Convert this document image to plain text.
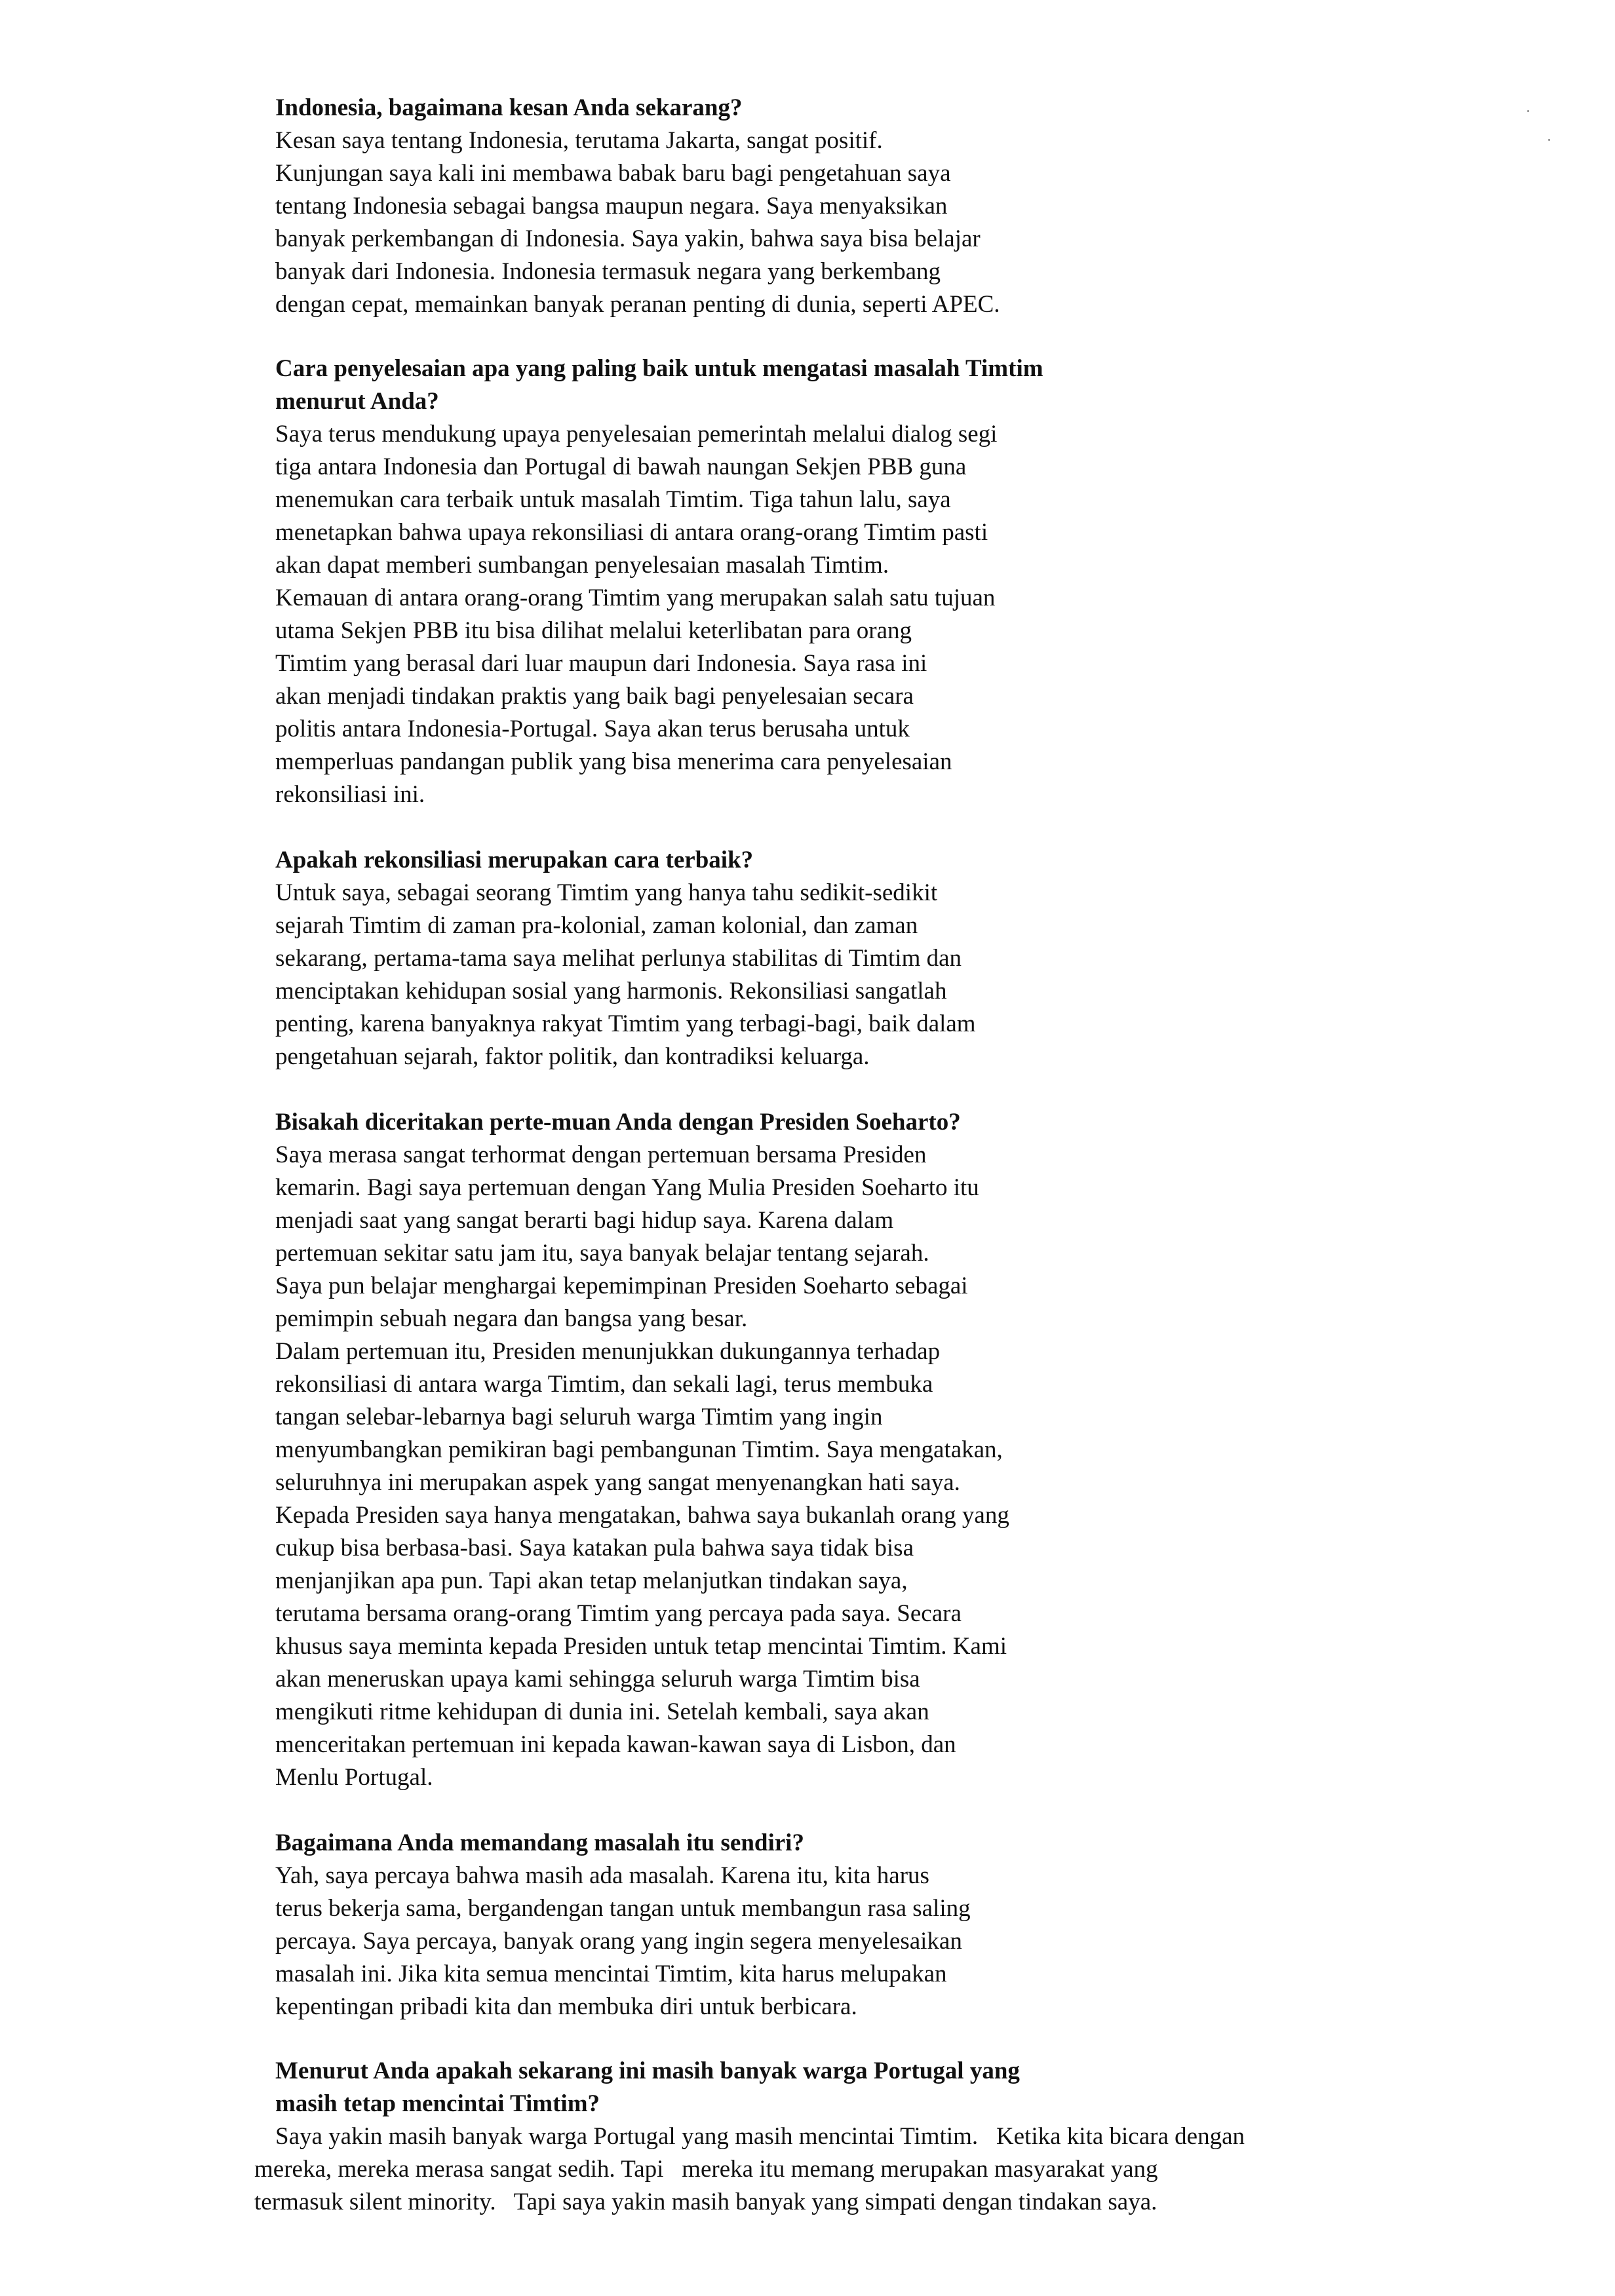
Indonesia, bagaimana kesan Anda sekarang?

Kesan saya tentang Indonesia, terutama Jakarta, sangat positif.
Kunjungan saya kali ini membawa babak baru bagi pengetahuan saya
tentang Indonesia sebagai bangsa maupun negara. Saya menyaksikan
banyak perkembangan di Indonesia. Saya yakin, bahwa saya bisa belajar
banyak dari Indonesia. Indonesia termasuk negara yang berkembang
dengan cepat, memainkan banyak peranan penting di dunia, seperti APEC.

Cara penyelesaian apa yang paling baik untuk mengatasi masalah Timtim
menurut Anda?

Saya terus mendukung upaya penyelesaian pemerintah melalui dialog segi
tiga antara Indonesia dan Portugal di bawah naungan Sekjen PBB guna
menemukan cara terbaik untuk masalah Timtim. Tiga tahun lalu, saya
menetapkan bahwa upaya rekonsiliasi di antara orang-orang Timtim pasti
akan dapat memberi sumbangan penyelesaian masalah Timtim.
Kemauan di antara orang-orang Timtim yang merupakan salah satu tujuan
utama Sekjen PBB itu bisa dilihat melalui keterlibatan para orang
Timtim yang berasal dari luar maupun dari Indonesia. Saya rasa ini
akan menjadi tindakan praktis yang baik bagi penyelesaian secara
politis antara Indonesia-Portugal. Saya akan terus berusaha untuk
memperluas pandangan publik yang bisa menerima cara penyelesaian
rekonsiliasi ini.

Apakah rekonsiliasi merupakan cara terbaik?

Untuk saya, sebagai seorang Timtim yang hanya tahu sedikit-sedikit
sejarah Timtim di zaman pra-kolonial, zaman kolonial, dan zaman
sekarang, pertama-tama saya melihat perlunya stabilitas di Timtim dan
menciptakan kehidupan sosial yang harmonis. Rekonsiliasi sangatlah
penting, karena banyaknya rakyat Timtim yang terbagi-bagi, baik dalam
pengetahuan sejarah, faktor politik, dan kontradiksi keluarga.

Bisakah diceritakan perte-muan Anda dengan Presiden Soeharto?

Saya merasa sangat terhormat dengan pertemuan bersama Presiden
kemarin. Bagi saya pertemuan dengan Yang Mulia Presiden Soeharto itu
menjadi saat yang sangat berarti bagi hidup saya. Karena dalam
pertemuan sekitar satu jam itu, saya banyak belajar tentang sejarah.
Saya pun belajar menghargai kepemimpinan Presiden Soeharto sebagai
pemimpin sebuah negara dan bangsa yang besar.
Dalam pertemuan itu, Presiden menunjukkan dukungannya terhadap
rekonsiliasi di antara warga Timtim, dan sekali lagi, terus membuka
tangan selebar-lebarnya bagi seluruh warga Timtim yang ingin
menyumbangkan pemikiran bagi pembangunan Timtim. Saya mengatakan,
seluruhnya ini merupakan aspek yang sangat menyenangkan hati saya.
Kepada Presiden saya hanya mengatakan, bahwa saya bukanlah orang yang
cukup bisa berbasa-basi. Saya katakan pula bahwa saya tidak bisa
menjanjikan apa pun. Tapi akan tetap melanjutkan tindakan saya,
terutama bersama orang-orang Timtim yang percaya pada saya. Secara
khusus saya meminta kepada Presiden untuk tetap mencintai Timtim. Kami
akan meneruskan upaya kami sehingga seluruh warga Timtim bisa
mengikuti ritme kehidupan di dunia ini. Setelah kembali, saya akan
menceritakan pertemuan ini kepada kawan-kawan saya di Lisbon, dan
Menlu Portugal.

Bagaimana Anda memandang masalah itu sendiri?

Yah, saya percaya bahwa masih ada masalah. Karena itu, kita harus
terus bekerja sama, bergandengan tangan untuk membangun rasa saling
percaya. Saya percaya, banyak orang yang ingin segera menyelesaikan
masalah ini. Jika kita semua mencintai Timtim, kita harus melupakan
kepentingan pribadi kita dan membuka diri untuk berbicara.

Menurut Anda apakah sekarang ini masih banyak warga Portugal yang
masih tetap mencintai Timtim?

Saya yakin masih banyak warga Portugal yang masih mencintai Timtim.   Ketika kita bicara dengan
mereka, mereka merasa sangat sedih. Tapi   mereka itu memang merupakan masyarakat yang
termasuk silent minority.   Tapi saya yakin masih banyak yang simpati dengan tindakan saya.
